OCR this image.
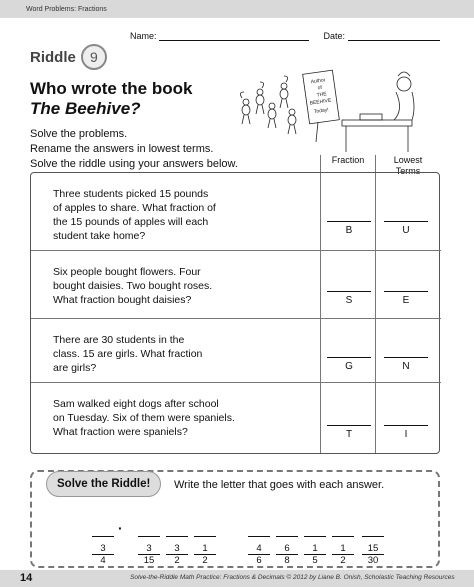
Word Problems: Fractions
Name:	Date:
Riddle	9
Who wrote the book
The Beehive?
Solve the problems.
Rename the answers in lowest terms.
Solve the riddle using your answers below.
Author
of
THE
BEEHIVE
Today!
Fraction	Lowest
Terms
Three students picked 15 pounds
of apples to share. What fraction of
the 15 pounds of apples will each
student take home?	B	U
Six people bought flowers. Four
bought daisies. Two bought roses.
What fraction bought daisies?	S	E
There are 30 students in the
class. 15 are girls. What fraction
are girls?	G	N
Sam walked eight dogs after school
on Tuesday. Six of them were spaniels.
What fraction were spaniels?	T	I
Solve the Riddle!	Write the letter that goes with each answer.
$\frac{3}{4}$
·
$\frac{3}{15} \frac{3}{2} \frac{1}{2}$	$\frac{4}{6} \frac{6}{8} \frac{1}{5} \frac{1}{2} \frac{15}{30}$
14	Solve-the-Riddle Math Practice: Fractions & Decimals © 2012 by Liane B. Onish, Scholastic Teaching Resources
